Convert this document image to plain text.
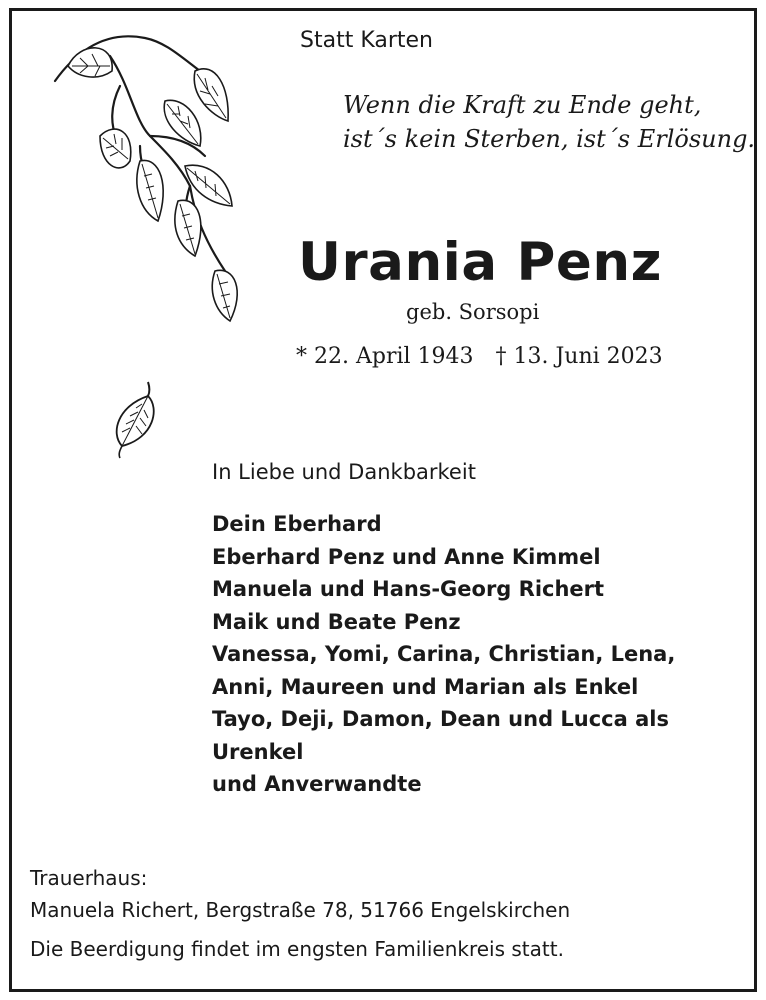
Statt Karten
Wenn die Kraft zu Ende geht,
ist´s kein Sterben, ist´s Erlösung.
Urania Penz
geb. Sorsopi
* 22. April 1943 † 13. Juni 2023
In Liebe und Dankbarkeit
Dein Eberhard
Eberhard Penz und Anne Kimmel
Manuela und Hans-Georg Richert
Maik und Beate Penz
Vanessa, Yomi, Carina, Christian, Lena,
Anni, Maureen und Marian als Enkel
Tayo, Deji, Damon, Dean und Lucca als
Urenkel
und Anverwandte
Trauerhaus:
Manuela Richert, Bergstraße 78, 51766 Engelskirchen
Die Beerdigung findet im engsten Familienkreis statt.
